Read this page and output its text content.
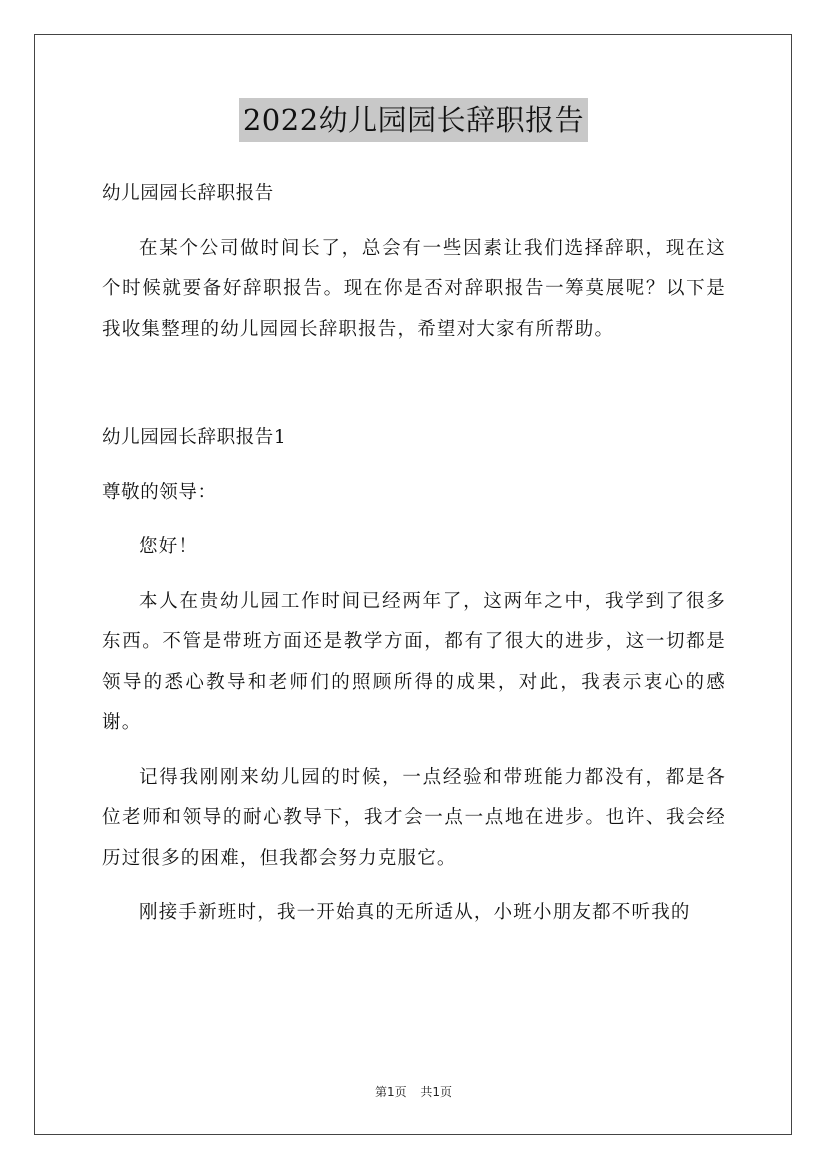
2022幼儿园园长辞职报告

幼儿园园长辞职报告

在某个公司做时间长了，总会有一些因素让我们选择辞职，现在这个时候就要备好辞职报告。现在你是否对辞职报告一筹莫展呢？以下是我收集整理的幼儿园园长辞职报告，希望对大家有所帮助。

幼儿园园长辞职报告1

尊敬的领导：

您好！

本人在贵幼儿园工作时间已经两年了，这两年之中，我学到了很多东西。不管是带班方面还是教学方面，都有了很大的进步，这一切都是领导的悉心教导和老师们的照顾所得的成果，对此，我表示衷心的感谢。

记得我刚刚来幼儿园的时候，一点经验和带班能力都没有，都是各位老师和领导的耐心教导下，我才会一点一点地在进步。也许、我会经历过很多的困难，但我都会努力克服它。

刚接手新班时，我一开始真的无所适从，小班小朋友都不听我的

第1页 共1页
